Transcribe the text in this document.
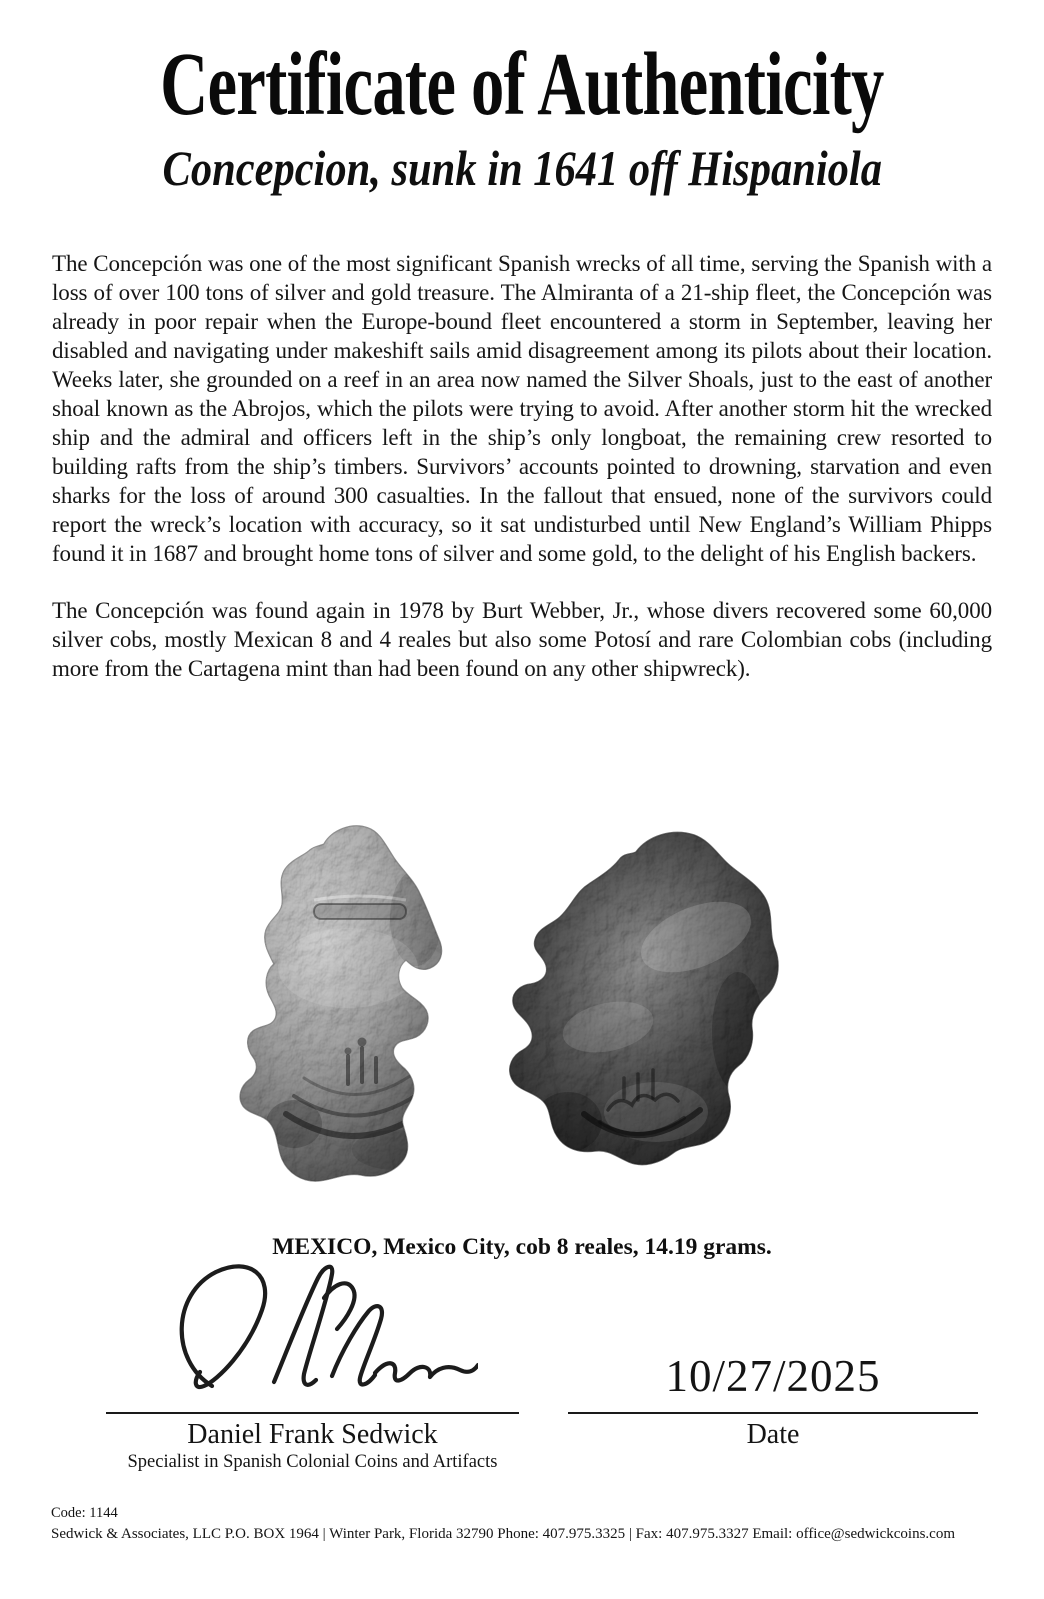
Certificate of Authenticity
Concepcion, sunk in 1641 off Hispaniola

The Concepción was one of the most significant Spanish wrecks of all time, serving the Spanish with a loss of over 100 tons of silver and gold treasure. The Almiranta of a 21-ship fleet, the Concepción was already in poor repair when the Europe-bound fleet encountered a storm in September, leaving her disabled and navigating under makeshift sails amid disagreement among its pilots about their location. Weeks later, she grounded on a reef in an area now named the Silver Shoals, just to the east of another shoal known as the Abrojos, which the pilots were trying to avoid. After another storm hit the wrecked ship and the admiral and officers left in the ship’s only longboat, the remaining crew resorted to building rafts from the ship’s timbers. Survivors’ accounts pointed to drowning, starvation and even sharks for the loss of around 300 casualties. In the fallout that ensued, none of the survivors could report the wreck’s location with accuracy, so it sat undisturbed until New England’s William Phipps found it in 1687 and brought home tons of silver and some gold, to the delight of his English backers.

The Concepción was found again in 1978 by Burt Webber, Jr., whose divers recovered some 60,000 silver cobs, mostly Mexican 8 and 4 reales but also some Potosí and rare Colombian cobs (including more from the Cartagena mint than had been found on any other shipwreck).

MEXICO, Mexico City, cob 8 reales, 14.19 grams.
10/27/2025
Daniel Frank Sedwick
Specialist in Spanish Colonial Coins and Artifacts
Date
Code: 1144
Sedwick & Associates, LLC P.O. BOX 1964 | Winter Park, Florida 32790 Phone: 407.975.3325 | Fax: 407.975.3327 Email: office@sedwickcoins.com
